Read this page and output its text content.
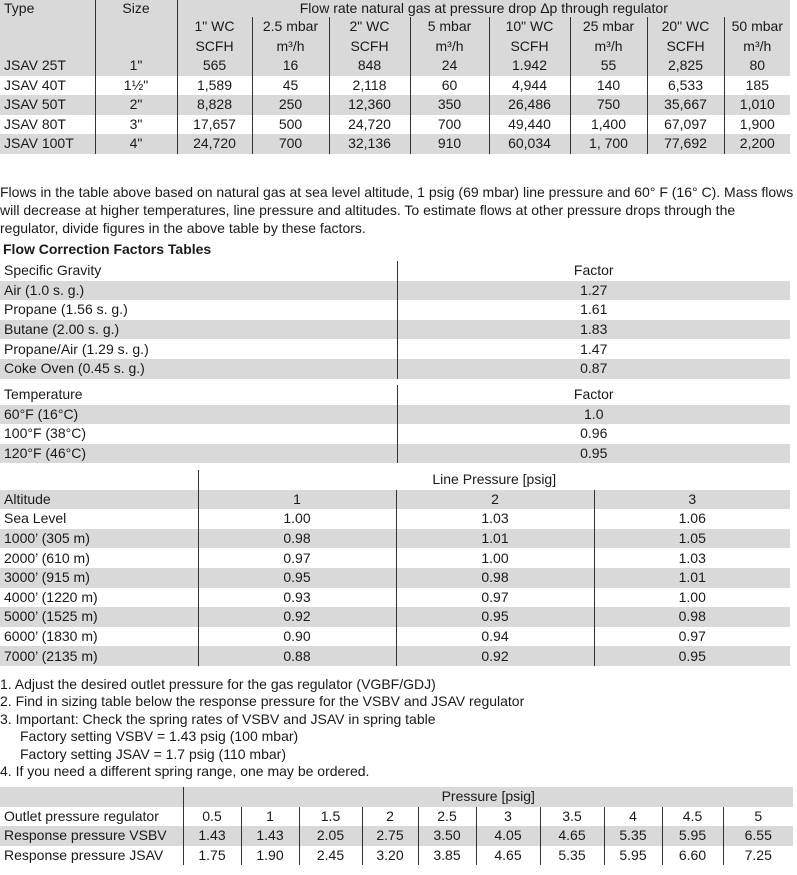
Type	Size	Flow rate natural gas at pressure drop Δp through regulator							
		1" WC	2.5 mbar	2" WC	5 mbar	10" WC	25 mbar	20" WC	50 mbar
		SCFH	m³/h	SCFH	m³/h	SCFH	m³/h	SCFH	m³/h
JSAV 25T	1"	565	16	848	24	1.942	55	2,825	80
JSAV 40T	1½"	1,589	45	2,118	60	4,944	140	6,533	185
JSAV 50T	2"	8,828	250	12,360	350	26,486	750	35,667	1,010
JSAV 80T	3"	17,657	500	24,720	700	49,440	1,400	67,097	1,900
JSAV 100T	4"	24,720	700	32,136	910	60,034	1, 700	77,692	2,200
Flows in the table above based on natural gas at sea level altitude, 1 psig (69 mbar) line pressure and 60° F (16° C). Mass flows will decrease at higher temperatures, line pressure and altitudes. To estimate flows at other pressure drops through the regulator, divide figures in the above table by these factors.
Flow Correction Factors Tables
Specific Gravity	Factor
Air (1.0 s. g.)	1.27
Propane (1.56 s. g.)	1.61
Butane (2.00 s. g.)	1.83
Propane/Air (1.29 s. g.)	1.47
Coke Oven (0.45 s. g.)	0.87
Temperature	Factor
60°F (16°C)	1.0
100°F (38°C)	0.96
120°F (46°C)	0.95
	Line Pressure [psig]		
Altitude	1	2	3
Sea Level	1.00	1.03	1.06
1000’ (305 m)	0.98	1.01	1.05
2000’ (610 m)	0.97	1.00	1.03
3000’ (915 m)	0.95	0.98	1.01
4000’ (1220 m)	0.93	0.97	1.00
5000’ (1525 m)	0.92	0.95	0.98
6000’ (1830 m)	0.90	0.94	0.97
7000’ (2135 m)	0.88	0.92	0.95
1. Adjust the desired outlet pressure for the gas regulator (VGBF/GDJ)
2. Find in sizing table below the response pressure for the VSBV and JSAV regulator
3. Important: Check the spring rates of VSBV and JSAV in spring table
Factory setting VSBV = 1.43 psig (100 mbar)
Factory setting JSAV = 1.7 psig (110 mbar)
4. If you need a different spring range, one may be ordered.
	Pressure [psig]									
Outlet pressure regulator	0.5	1	1.5	2	2.5	3	3.5	4	4.5	5
Response pressure VSBV	1.43	1.43	2.05	2.75	3.50	4.05	4.65	5.35	5.95	6.55
Response pressure JSAV	1.75	1.90	2.45	3.20	3.85	4.65	5.35	5.95	6.60	7.25
